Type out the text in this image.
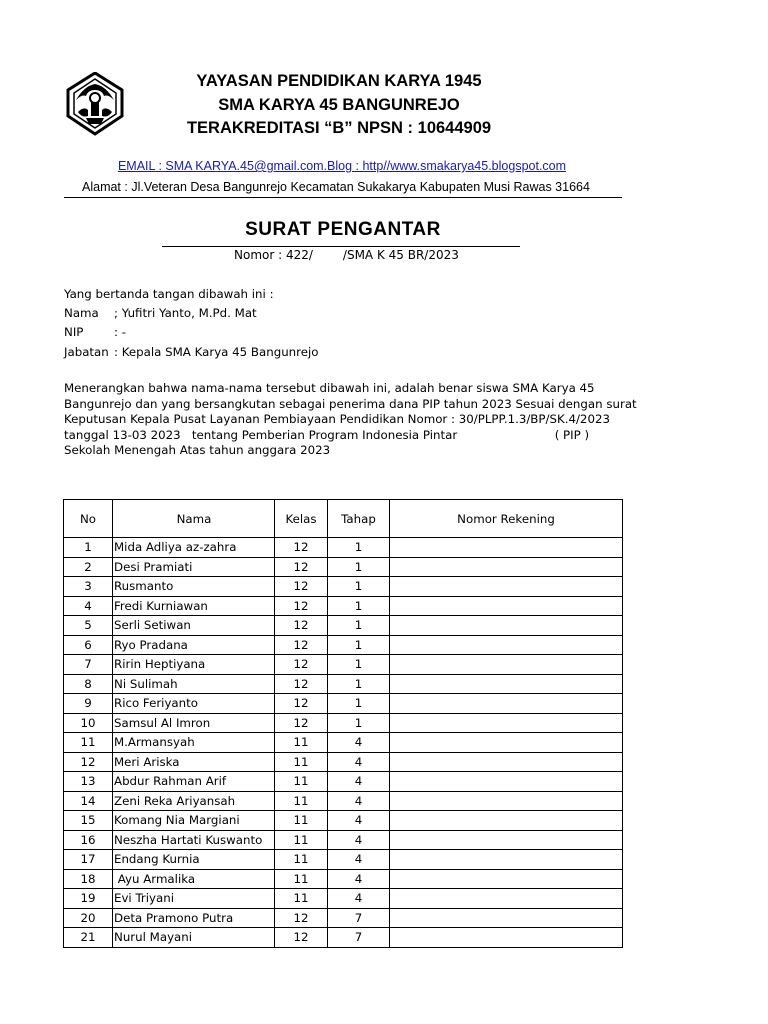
YAYASAN PENDIDIKAN KARYA 1945
SMA KARYA 45 BANGUNREJO
TERAKREDITASI “B” NPSN : 10644909
EMAIL : SMA KARYA.45@gmail.com.Blog : http//www.smakarya45.blogspot.com
Alamat : Jl.Veteran Desa Bangunrejo Kecamatan Sukakarya Kabupaten Musi Rawas 31664
SURAT PENGANTAR
Nomor : 422/	/SMA K 45 BR/2023
Yang bertanda tangan dibawah ini :
Nama ; Yufitri Yanto, M.Pd. Mat
NIP	: -
Jabatan : Kepala SMA Karya 45 Bangunrejo
Menerangkan bahwa nama-nama tersebut dibawah ini, adalah benar siswa SMA Karya 45
Bangunrejo dan yang bersangkutan sebagai penerima dana PIP tahun 2023 Sesuai dengan surat
Keputusan Kepala Pusat Layanan Pembiayaan Pendidikan Nomor : 30/PLPP.1.3/BP/SK.4/2023
tanggal 13-03 2023   tentang Pemberian Program Indonesia Pintar                          ( PIP )
Sekolah Menengah Atas tahun anggara 2023
No	Nama	Kelas	Tahap	Nomor Rekening
1	Mida Adliya az-zahra	12	1	
2	Desi Pramiati	12	1	
3	Rusmanto	12	1	
4	Fredi Kurniawan	12	1	
5	Serli Setiwan	12	1	
6	Ryo Pradana	12	1	
7	Ririn Heptiyana	12	1	
8	Ni Sulimah	12	1	
9	Rico Feriyanto	12	1	
10	Samsul Al Imron	12	1	
11	M.Armansyah	11	4	
12	Meri Ariska	11	4	
13	Abdur Rahman Arif	11	4	
14	Zeni Reka Ariyansah	11	4	
15	Komang Nia Margiani	11	4	
16	Neszha Hartati Kuswanto	11	4	
17	Endang Kurnia	11	4	
18	Ayu Armalika	11	4	
19	Evi Triyani	11	4	
20	Deta Pramono Putra	12	7	
21	Nurul Mayani	12	7	
